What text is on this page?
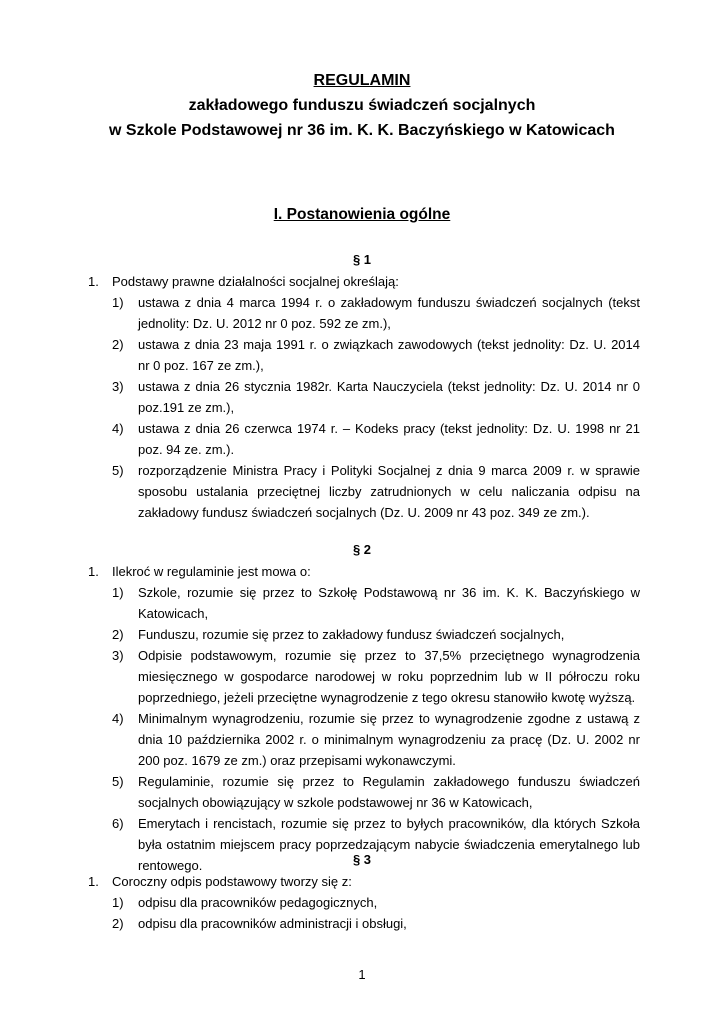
REGULAMIN
zakładowego funduszu świadczeń socjalnych
w Szkole Podstawowej nr 36 im. K. K. Baczyńskiego w Katowicach
I. Postanowienia ogólne
§ 1
1.	Podstawy prawne działalności socjalnej określają:
1)	ustawa z dnia 4 marca 1994 r. o zakładowym funduszu świadczeń socjalnych (tekst jednolity: Dz. U. 2012 nr 0 poz. 592 ze zm.),
2)	ustawa z dnia 23 maja 1991 r. o związkach zawodowych (tekst jednolity: Dz. U. 2014 nr 0 poz. 167 ze zm.),
3)	ustawa z dnia 26 stycznia 1982r. Karta Nauczyciela (tekst jednolity: Dz. U. 2014 nr 0 poz.191 ze zm.),
4)	ustawa z dnia 26 czerwca 1974 r. – Kodeks pracy (tekst jednolity: Dz. U. 1998 nr 21 poz. 94 ze. zm.).
5)	rozporządzenie Ministra Pracy i Polityki Socjalnej z dnia 9 marca 2009 r. w sprawie sposobu ustalania przeciętnej liczby zatrudnionych w celu naliczania odpisu na zakładowy fundusz świadczeń socjalnych (Dz. U. 2009 nr 43 poz. 349 ze zm.).
§ 2
1.	Ilekroć w regulaminie jest mowa o:
1)	Szkole, rozumie się przez to Szkołę Podstawową nr 36 im. K. K. Baczyńskiego w Katowicach,
2)	Funduszu, rozumie się przez to zakładowy fundusz świadczeń socjalnych,
3)	Odpisie podstawowym, rozumie się przez to 37,5% przeciętnego wynagrodzenia miesięcznego w gospodarce narodowej w roku poprzednim lub w II półroczu roku poprzedniego, jeżeli przeciętne wynagrodzenie z tego okresu stanowiło kwotę wyższą.
4)	Minimalnym wynagrodzeniu, rozumie się przez to wynagrodzenie zgodne z ustawą z dnia 10 października 2002 r. o minimalnym wynagrodzeniu za pracę (Dz. U. 2002 nr 200 poz. 1679 ze zm.) oraz przepisami wykonawczymi.
5)	Regulaminie, rozumie się przez to Regulamin zakładowego funduszu świadczeń socjalnych obowiązujący w szkole podstawowej nr 36 w Katowicach,
6)	Emerytach i rencistach, rozumie się przez to byłych pracowników, dla których Szkoła była ostatnim miejscem pracy poprzedzającym nabycie świadczenia emerytalnego lub rentowego.	§ 3
1.	Coroczny odpis podstawowy tworzy się z:
1)	odpisu dla pracowników pedagogicznych,
2)	odpisu dla pracowników administracji i obsługi,
1
